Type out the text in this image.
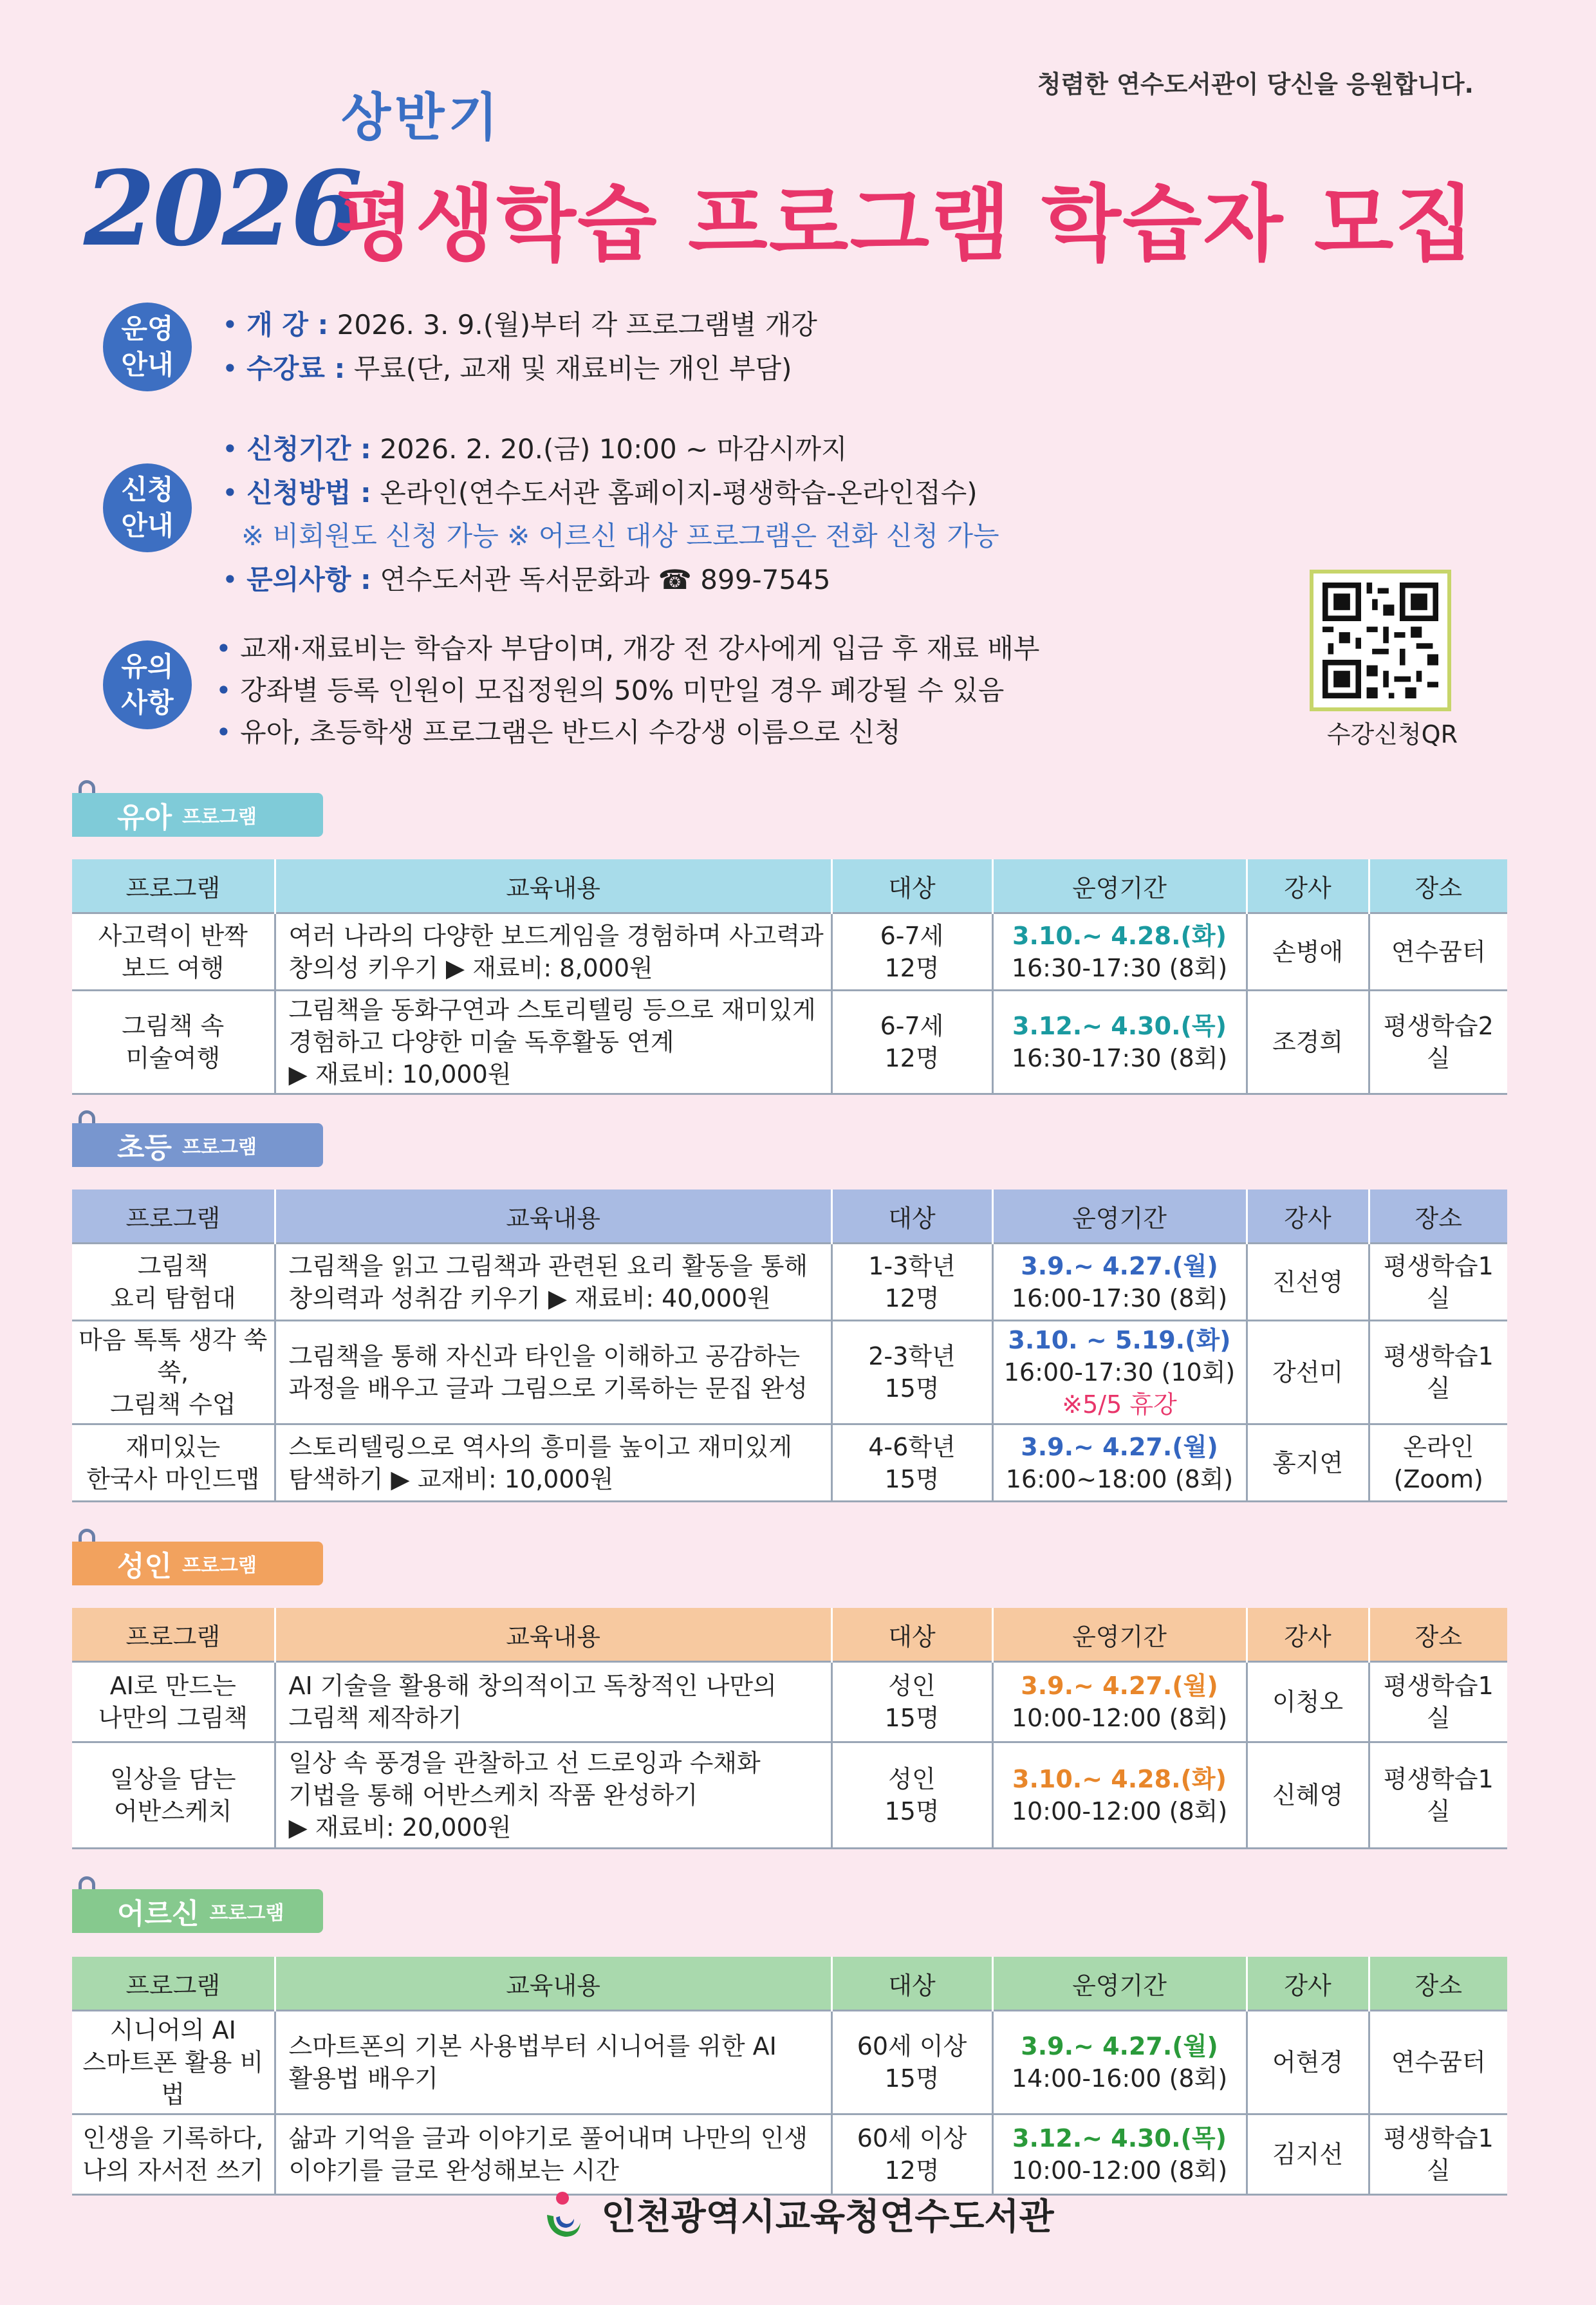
청렴한 연수도서관이 당신을 응원합니다.
상반기
2026
평생학습 프로그램 학습자 모집
운영
안내
• 개 강 : 2026. 3. 9.(월)부터 각 프로그램별 개강
• 수강료 : 무료(단, 교재 및 재료비는 개인 부담)
신청
안내
• 신청기간 : 2026. 2. 20.(금) 10:00 ~ 마감시까지
• 신청방법 : 온라인(연수도서관 홈페이지-평생학습-온라인접수)
※ 비회원도 신청 가능 ※ 어르신 대상 프로그램은 전화 신청 가능
• 문의사항 : 연수도서관 독서문화과 ☎ 899-7545
유의
사항
• 교재·재료비는 학습자 부담이며, 개강 전 강사에게 입금 후 재료 배부
• 강좌별 등록 인원이 모집정원의 50% 미만일 경우 폐강될 수 있음
• 유아, 초등학생 프로그램은 반드시 수강생 이름으로 신청	수강신청QR
유아 프로그램
프로그램	교육내용	대상	운영기간	강사	장소
사고력이 반짝
보드 여행	여러 나라의 다양한 보드게임을 경험하며 사고력과
창의성 키우기 ▶ 재료비: 8,000원	6-7세
12명	3.10.~ 4.28.(화)
16:30-17:30 (8회)	손병애	연수꿈터
그림책 속
미술여행	그림책을 동화구연과 스토리텔링 등으로 재미있게
경험하고 다양한 미술 독후활동 연계
▶ 재료비: 10,000원	6-7세
12명	3.12.~ 4.30.(목)
16:30-17:30 (8회)	조경희	평생학습2실
초등 프로그램
프로그램	교육내용	대상	운영기간	강사	장소
그림책
요리 탐험대	그림책을 읽고 그림책과 관련된 요리 활동을 통해
창의력과 성취감 키우기 ▶ 재료비: 40,000원	1-3학년
12명	3.9.~ 4.27.(월)
16:00-17:30 (8회)	진선영	평생학습1실
마음 톡톡 생각 쑥쑥,
그림책 수업	그림책을 통해 자신과 타인을 이해하고 공감하는
과정을 배우고 글과 그림으로 기록하는 문집 완성	2-3학년
15명	3.10. ~ 5.19.(화)
16:00-17:30 (10회)
※5/5 휴강	강선미	평생학습1실
재미있는
한국사 마인드맵	스토리텔링으로 역사의 흥미를 높이고 재미있게
탐색하기 ▶ 교재비: 10,000원	4-6학년
15명	3.9.~ 4.27.(월)
16:00~18:00 (8회)	홍지연	온라인
(Zoom)
성인 프로그램
프로그램	교육내용	대상	운영기간	강사	장소
AI로 만드는
나만의 그림책	AI 기술을 활용해 창의적이고 독창적인 나만의
그림책 제작하기	성인
15명	3.9.~ 4.27.(월)
10:00-12:00 (8회)	이청오	평생학습1실
일상을 담는
어반스케치	일상 속 풍경을 관찰하고 선 드로잉과 수채화
기법을 통해 어반스케치 작품 완성하기
▶ 재료비: 20,000원	성인
15명	3.10.~ 4.28.(화)
10:00-12:00 (8회)	신혜영	평생학습1실
어르신 프로그램
프로그램	교육내용	대상	운영기간	강사	장소
시니어의 AI
스마트폰 활용 비법	스마트폰의 기본 사용법부터 시니어를 위한 AI
활용법 배우기	60세 이상
15명	3.9.~ 4.27.(월)
14:00-16:00 (8회)	어현경	연수꿈터
인생을 기록하다,
나의 자서전 쓰기	삶과 기억을 글과 이야기로 풀어내며 나만의 인생
이야기를 글로 완성해보는 시간	60세 이상
12명	3.12.~ 4.30.(목)
10:00-12:00 (8회)	김지선	평생학습1실
인천광역시교육청연수도서관
